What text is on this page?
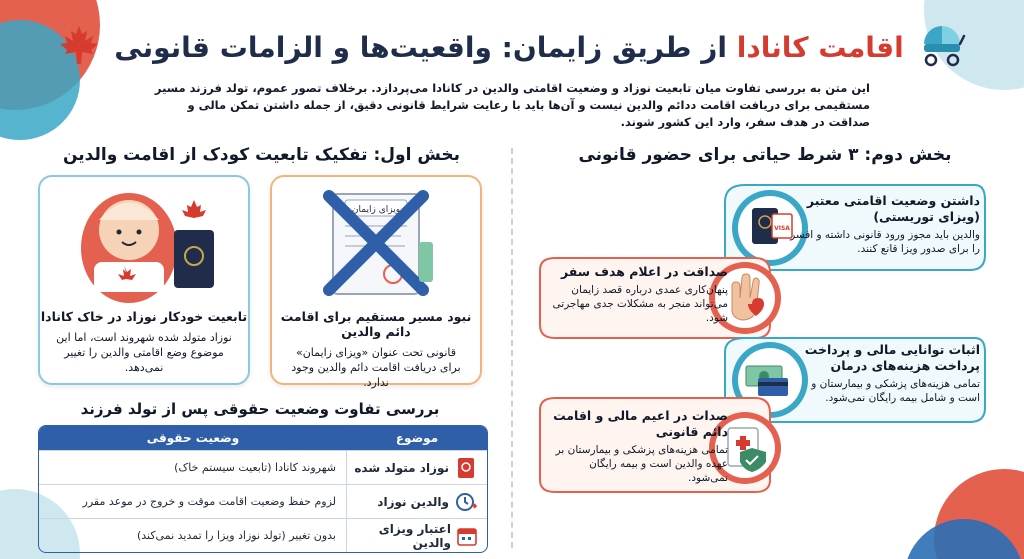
اقامت کانادا از طریق زایمان: واقعیت‌ها و الزامات قانونی
این متن به بررسی تفاوت میان تابعیت نوزاد و وضعیت اقامتی والدین در کانادا می‌پردازد. برخلاف تصور عموم، تولد فرزند مسیر مستقیمی برای دریافت اقامت ددائم والدین نیست و آن‌ها باید با رعایت شرایط قانونی دقیق، از جمله داشتن تمکن مالی و صداقت در هدف سفر، وارد این کشور شوند.
بخش اول: تفکیک تابعیت کودک از اقامت والدین
ویزای زایمان
نبود مسیر مستقیم برای اقامت دائم والدین

قانونی تحت عنوان «ویزای زایمان» برای دریافت اقامت دائم والدین وجود ندارد.

تابعیت خودکار نوزاد در خاک کانادا

نوزاد متولد شده شهروند است، اما این موضوع وضع اقامتی والدین را تغییر نمی‌دهد.

بررسی تفاوت وضعیت حقوقی پس از تولد فرزند
موضوع
وضعیت حقوقی
نوزاد متولد شده
شهروند کانادا (تابعیت سیستم خاک)
والدین نوزاد
لزوم حفظ وضعیت اقامت موقت و خروج در موعد مقرر
اعتبار ویزای والدین
بدون تغییر (تولد نوزاد ویزا را تمدید نمی‌کند)
بخش دوم: ۳ شرط حیاتی برای حضور قانونی
VISA
داشتن وضعیت اقامتی معتبر (ویزای توریستی)

والدین باید مجوز ورود قانونی داشته و افسر را برای صدور ویزا قانع کنند.

صداقت در اعلام هدف سفر

پنهان‌کاری عمدی درباره قصد زایمان می‌تواند منجر به مشکلات جدی مهاجرتی شود.

اثبات توانایی مالی و پرداخت پرداخت هزینه‌های درمان

تمامی هزینه‌های پزشکی و بیمارستان و است و شامل بیمه رایگان نمی‌شود.

صدات در اعیم مالی و اقامت دائم قانونی

تمامی هزینه‌های پزشکی و بیمارستان بر عهده والدین است و بیمه رایگان نمی‌شود.
